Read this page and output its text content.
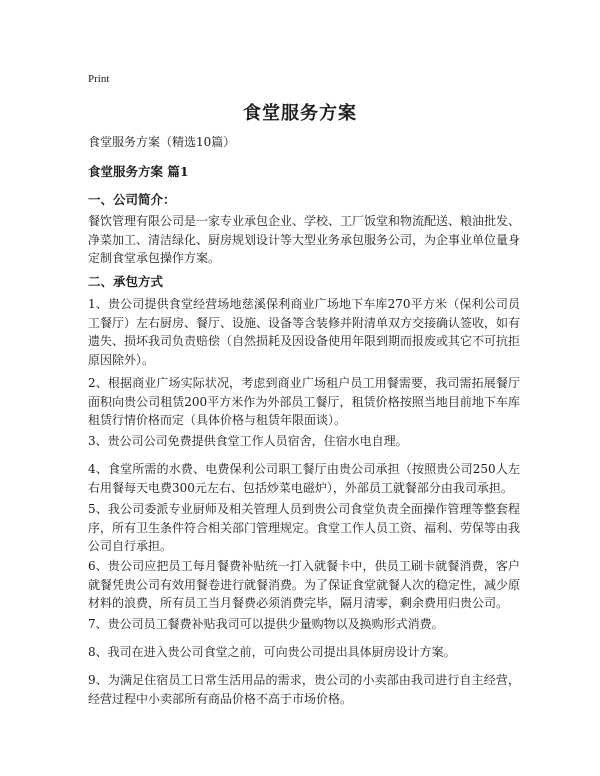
Print
食堂服务方案
食堂服务方案（精选10篇）
食堂服务方案 篇1
一、公司简介：
餐饮管理有限公司是一家专业承包企业、学校、工厂饭堂和物流配送、粮油批发、净菜加工、清洁绿化、厨房规划设计等大型业务承包服务公司，为企事业单位量身定制食堂承包操作方案。
二、承包方式
1、贵公司提供食堂经营场地慈溪保利商业广场地下车库270平方米（保利公司员工餐厅）左右厨房、餐厅、设施、设备等含装修并附清单双方交接确认签收，如有遗失、损坏我司负责赔偿（自然损耗及因设备使用年限到期而报废或其它不可抗拒原因除外）。
2、根据商业广场实际状况，考虑到商业广场租户员工用餐需要，我司需拓展餐厅面积向贵公司租赁200平方米作为外部员工餐厅，租赁价格按照当地目前地下车库租赁行情价格而定（具体价格与租赁年限面谈）。
3、贵公司公司免费提供食堂工作人员宿舍，住宿水电自理。
4、食堂所需的水费、电费保利公司职工餐厅由贵公司承担（按照贵公司250人左右用餐每天电费300元左右、包括炒菜电磁炉），外部员工就餐部分由我司承担。
5、我公司委派专业厨师及相关管理人员到贵公司食堂负责全面操作管理等整套程序，所有卫生条件符合相关部门管理规定。食堂工作人员工资、福利、劳保等由我公司自行承担。
6、贵公司应把员工每月餐费补贴统一打入就餐卡中，供员工刷卡就餐消费，客户就餐凭贵公司有效用餐卷进行就餐消费。为了保证食堂就餐人次的稳定性，减少原材料的浪费，所有员工当月餐费必须消费完毕，隔月清零，剩余费用归贵公司。
7、贵公司员工餐费补贴我司可以提供少量购物以及换购形式消费。
8、我司在进入贵公司食堂之前，可向贵公司提出具体厨房设计方案。
9、为满足住宿员工日常生活用品的需求，贵公司的小卖部由我司进行自主经营，经营过程中小卖部所有商品价格不高于市场价格。
